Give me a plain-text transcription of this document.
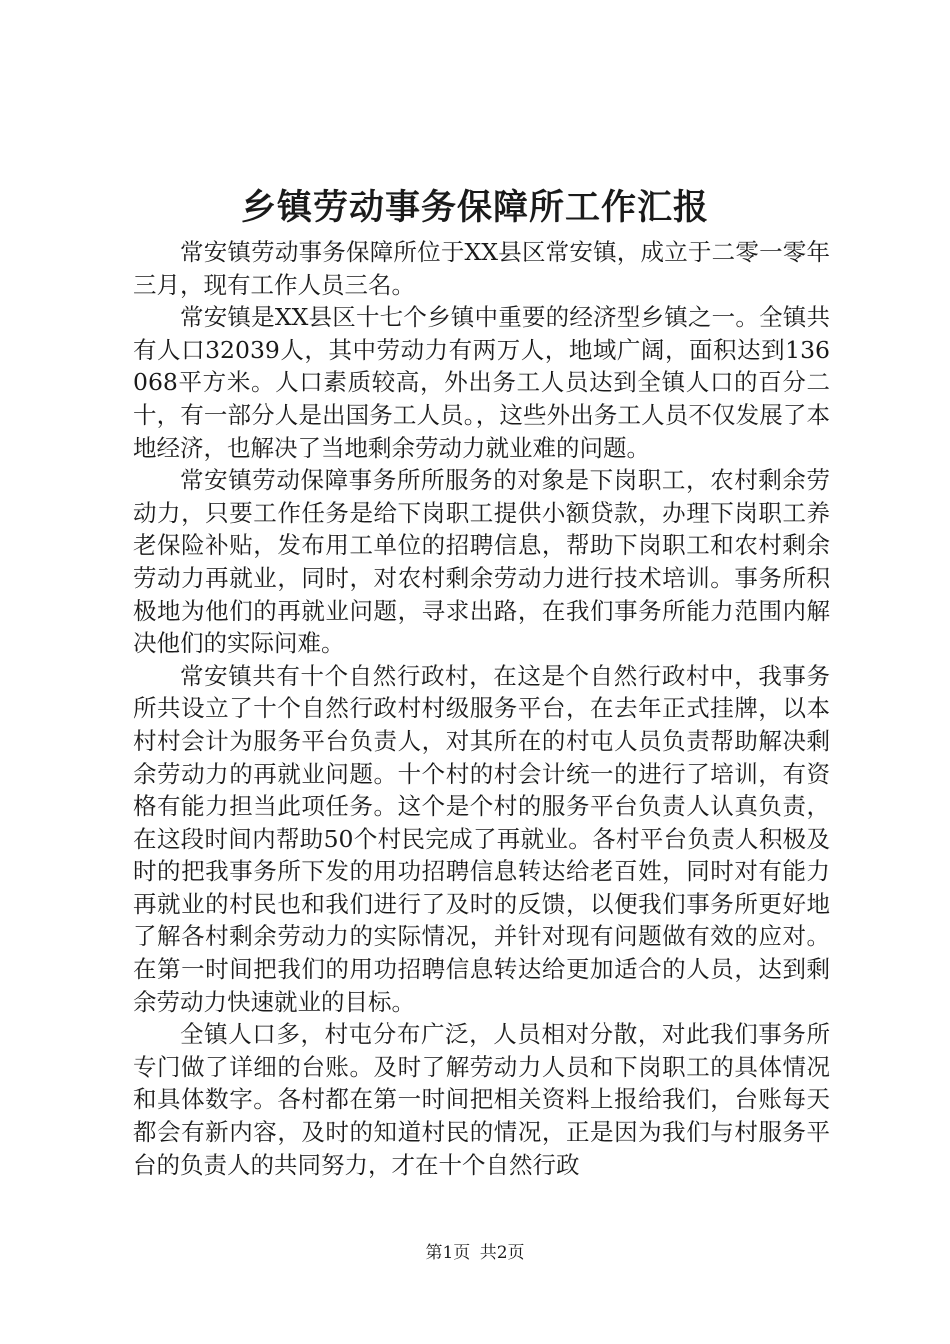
乡镇劳动事务保障所工作汇报

常安镇劳动事务保障所位于XX县区常安镇，成立于二零一零年三月，现有工作人员三名。

常安镇是XX县区十七个乡镇中重要的经济型乡镇之一。全镇共有人口32039人，其中劳动力有两万人，地域广阔，面积达到136068平方米。人口素质较高，外出务工人员达到全镇人口的百分二十，有一部分人是出国务工人员。，这些外出务工人员不仅发展了本地经济，也解决了当地剩余劳动力就业难的问题。

常安镇劳动保障事务所所服务的对象是下岗职工，农村剩余劳动力，只要工作任务是给下岗职工提供小额贷款，办理下岗职工养老保险补贴，发布用工单位的招聘信息，帮助下岗职工和农村剩余劳动力再就业，同时，对农村剩余劳动力进行技术培训。事务所积极地为他们的再就业问题，寻求出路，在我们事务所能力范围内解决他们的实际问难。

常安镇共有十个自然行政村，在这是个自然行政村中，我事务所共设立了十个自然行政村村级服务平台，在去年正式挂牌，以本村村会计为服务平台负责人，对其所在的村屯人员负责帮助解决剩余劳动力的再就业问题。十个村的村会计统一的进行了培训，有资格有能力担当此项任务。这个是个村的服务平台负责人认真负责，在这段时间内帮助50个村民完成了再就业。各村平台负责人积极及时的把我事务所下发的用功招聘信息转达给老百姓，同时对有能力再就业的村民也和我们进行了及时的反馈，以便我们事务所更好地了解各村剩余劳动力的实际情况，并针对现有问题做有效的应对。在第一时间把我们的用功招聘信息转达给更加适合的人员，达到剩余劳动力快速就业的目标。

全镇人口多，村屯分布广泛，人员相对分散，对此我们事务所专门做了详细的台账。及时了解劳动力人员和下岗职工的具体情况和具体数字。各村都在第一时间把相关资料上报给我们，台账每天都会有新内容，及时的知道村民的情况，正是因为我们与村服务平台的负责人的共同努力，才在十个自然行政

第1页 共2页
